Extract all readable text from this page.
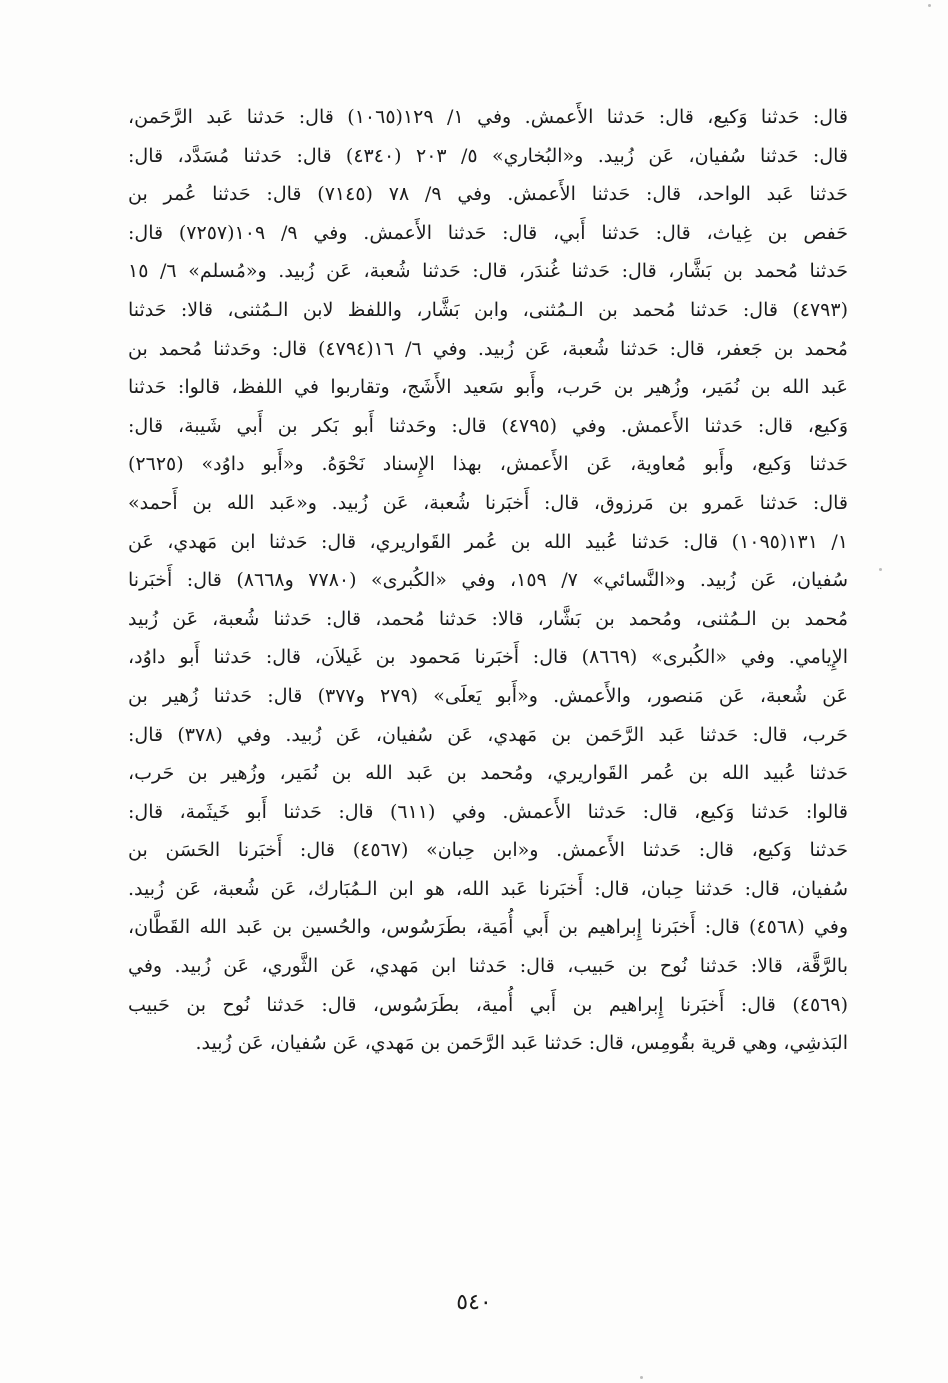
قال: حَدثنا وَكيع، قال: حَدثنا الأَعمش. وفي ١/ ١٢٩(١٠٦٥) قال: حَدثنا عَبد الرَّحَمن،
قال: حَدثنا سُفيان، عَن زُبيد. و«البُخاري» ٥/ ٢٠٣ (٤٣٤٠) قال: حَدثنا مُسَدَّد، قال:
حَدثنا عَبد الواحد، قال: حَدثنا الأَعمش. وفي ٩/ ٧٨ (٧١٤٥) قال: حَدثنا عُمر بن
حَفص بن غِياث، قال: حَدثنا أَبي، قال: حَدثنا الأَعمش. وفي ٩/ ١٠٩(٧٢٥٧) قال:
حَدثنا مُحمد بن بَشَّار، قال: حَدثنا غُندَر، قال: حَدثنا شُعبة، عَن زُبيد. و«مُسلم» ٦/ ١٥
(٤٧٩٣) قال: حَدثنا مُحمد بن الـمُثنى، وابن بَشَّار، واللفظ لابن الـمُثنى، قالا: حَدثنا
مُحمد بن جَعفر، قال: حَدثنا شُعبة، عَن زُبيد. وفي ٦/ ١٦(٤٧٩٤) قال: وحَدثنا مُحمد بن
عَبد الله بن نُمَير، وزُهير بن حَرب، وأَبو سَعيد الأَشَج، وتقاربوا في اللفظ، قالوا: حَدثنا
وَكيع، قال: حَدثنا الأَعمش. وفي (٤٧٩٥) قال: وحَدثنا أَبو بَكر بن أَبي شَيبة، قال:
حَدثنا وَكيع، وأَبو مُعاوية، عَن الأَعمش، بهذا الإِسناد نَحْوَهُ. و«أَبو داوُد» (٢٦٢٥)
قال: حَدثنا عَمرو بن مَرزوق، قال: أَخبَرنا شُعبة، عَن زُبيد. و«عَبد الله بن أَحمد»
١/ ١٣١(١٠٩٥) قال: حَدثنا عُبيد الله بن عُمر القَواريري، قال: حَدثنا ابن مَهدي، عَن
سُفيان، عَن زُبيد. و«النَّسائي» ٧/ ١٥٩، وفي «الكُبرى» (٧٧٨٠ و٨٦٦٨) قال: أَخبَرنا
مُحمد بن الـمُثنى، ومُحمد بن بَشَّار، قالا: حَدثنا مُحمد، قال: حَدثنا شُعبة، عَن زُبيد
الإِيامي. وفي «الكُبرى» (٨٦٦٩) قال: أَخبَرنا مَحمود بن غَيلاَن، قال: حَدثنا أَبو داوُد،
عَن شُعبة، عَن مَنصور، والأَعمش. و«أَبو يَعلَى» (٢٧٩ و٣٧٧) قال: حَدثنا زُهير بن
حَرب، قال: حَدثنا عَبد الرَّحَمن بن مَهدي، عَن سُفيان، عَن زُبيد. وفي (٣٧٨) قال:
حَدثنا عُبيد الله بن عُمر القَواريري، ومُحمد بن عَبد الله بن نُمَير، وزُهير بن حَرب،
قالوا: حَدثنا وَكيع، قال: حَدثنا الأَعمش. وفي (٦١١) قال: حَدثنا أَبو خَيثَمة، قال:
حَدثنا وَكيع، قال: حَدثنا الأَعمش. و«ابن حِبان» (٤٥٦٧) قال: أَخبَرنا الحَسَن بن
سُفيان، قال: حَدثنا حِبان، قال: أَخبَرنا عَبد الله، هو ابن الـمُبَارك، عَن شُعبة، عَن زُبيد.
وفي (٤٥٦٨) قال: أَخبَرنا إِبراهيم بن أَبي أُمَية، بطَرَسُوس، والحُسين بن عَبد الله القَطَّان،
بالرَّقَّة، قالا: حَدثنا نُوح بن حَبيب، قال: حَدثنا ابن مَهدي، عَن الثَّوري، عَن زُبيد. وفي
(٤٥٦٩) قال: أَخبَرنا إِبراهيم بن أَبي أُمية، بطَرَسُوس، قال: حَدثنا نُوح بن حَبيب
البَذشِي، وهي قرية بقُومِس، قال: حَدثنا عَبد الرَّحَمن بن مَهدي، عَن سُفيان، عَن زُبيد.
٥٤٠
